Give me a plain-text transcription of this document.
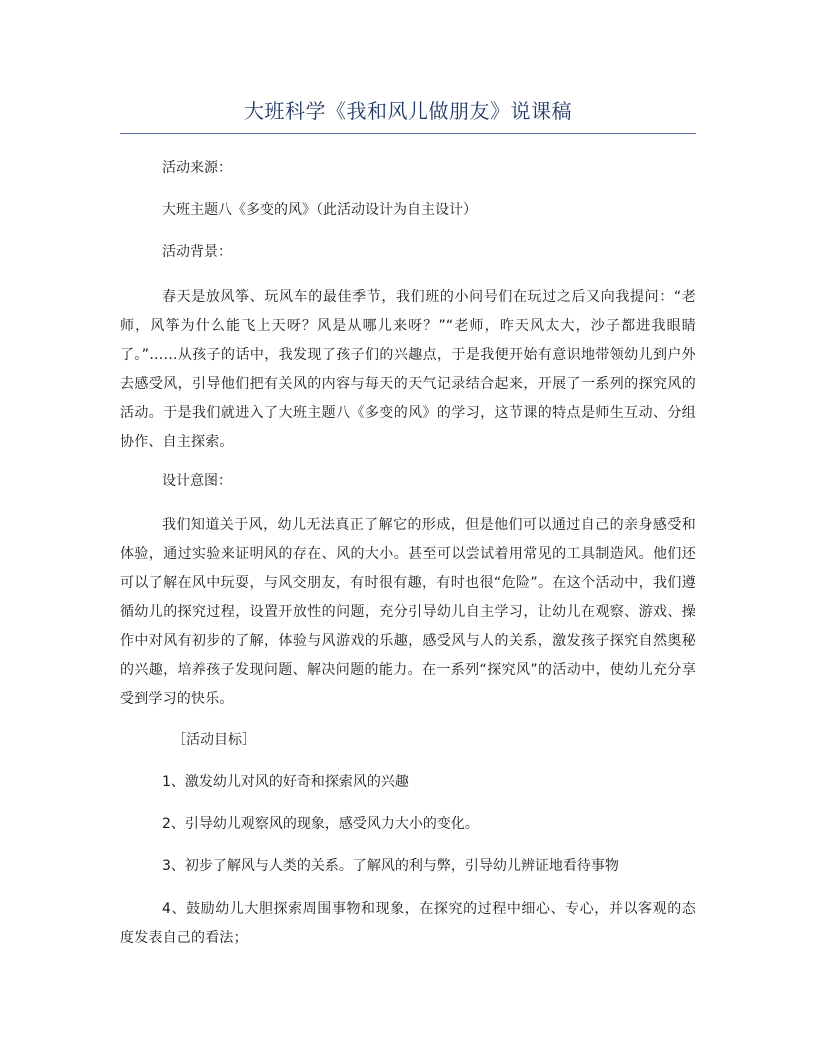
大班科学《我和风儿做朋友》说课稿
活动来源：
大班主题八《多变的风》（此活动设计为自主设计）
活动背景：

春天是放风筝、玩风车的最佳季节，我们班的小问号们在玩过之后又向我提问：“老师，风筝为什么能飞上天呀？风是从哪儿来呀？”“老师，昨天风太大，沙子都进我眼睛了。”……从孩子的话中，我发现了孩子们的兴趣点，于是我便开始有意识地带领幼儿到户外去感受风，引导他们把有关风的内容与每天的天气记录结合起来，开展了一系列的探究风的活动。于是我们就进入了大班主题八《多变的风》的学习，这节课的特点是师生互动、分组协作、自主探索。

设计意图：

我们知道关于风，幼儿无法真正了解它的形成，但是他们可以通过自己的亲身感受和体验，通过实验来证明风的存在、风的大小。甚至可以尝试着用常见的工具制造风。他们还可以了解在风中玩耍，与风交朋友，有时很有趣，有时也很“危险”。在这个活动中，我们遵循幼儿的探究过程，设置开放性的问题，充分引导幼儿自主学习，让幼儿在观察、游戏、操作中对风有初步的了解，体验与风游戏的乐趣，感受风与人的关系，激发孩子探究自然奥秘的兴趣，培养孩子发现问题、解决问题的能力。在一系列“探究风”的活动中，使幼儿充分享受到学习的快乐。

［活动目标］
1、激发幼儿对风的好奇和探索风的兴趣
2、引导幼儿观察风的现象，感受风力大小的变化。
3、初步了解风与人类的关系。了解风的利与弊，引导幼儿辨证地看待事物

4、鼓励幼儿大胆探索周围事物和现象，在探究的过程中细心、专心，并以客观的态度发表自己的看法；
